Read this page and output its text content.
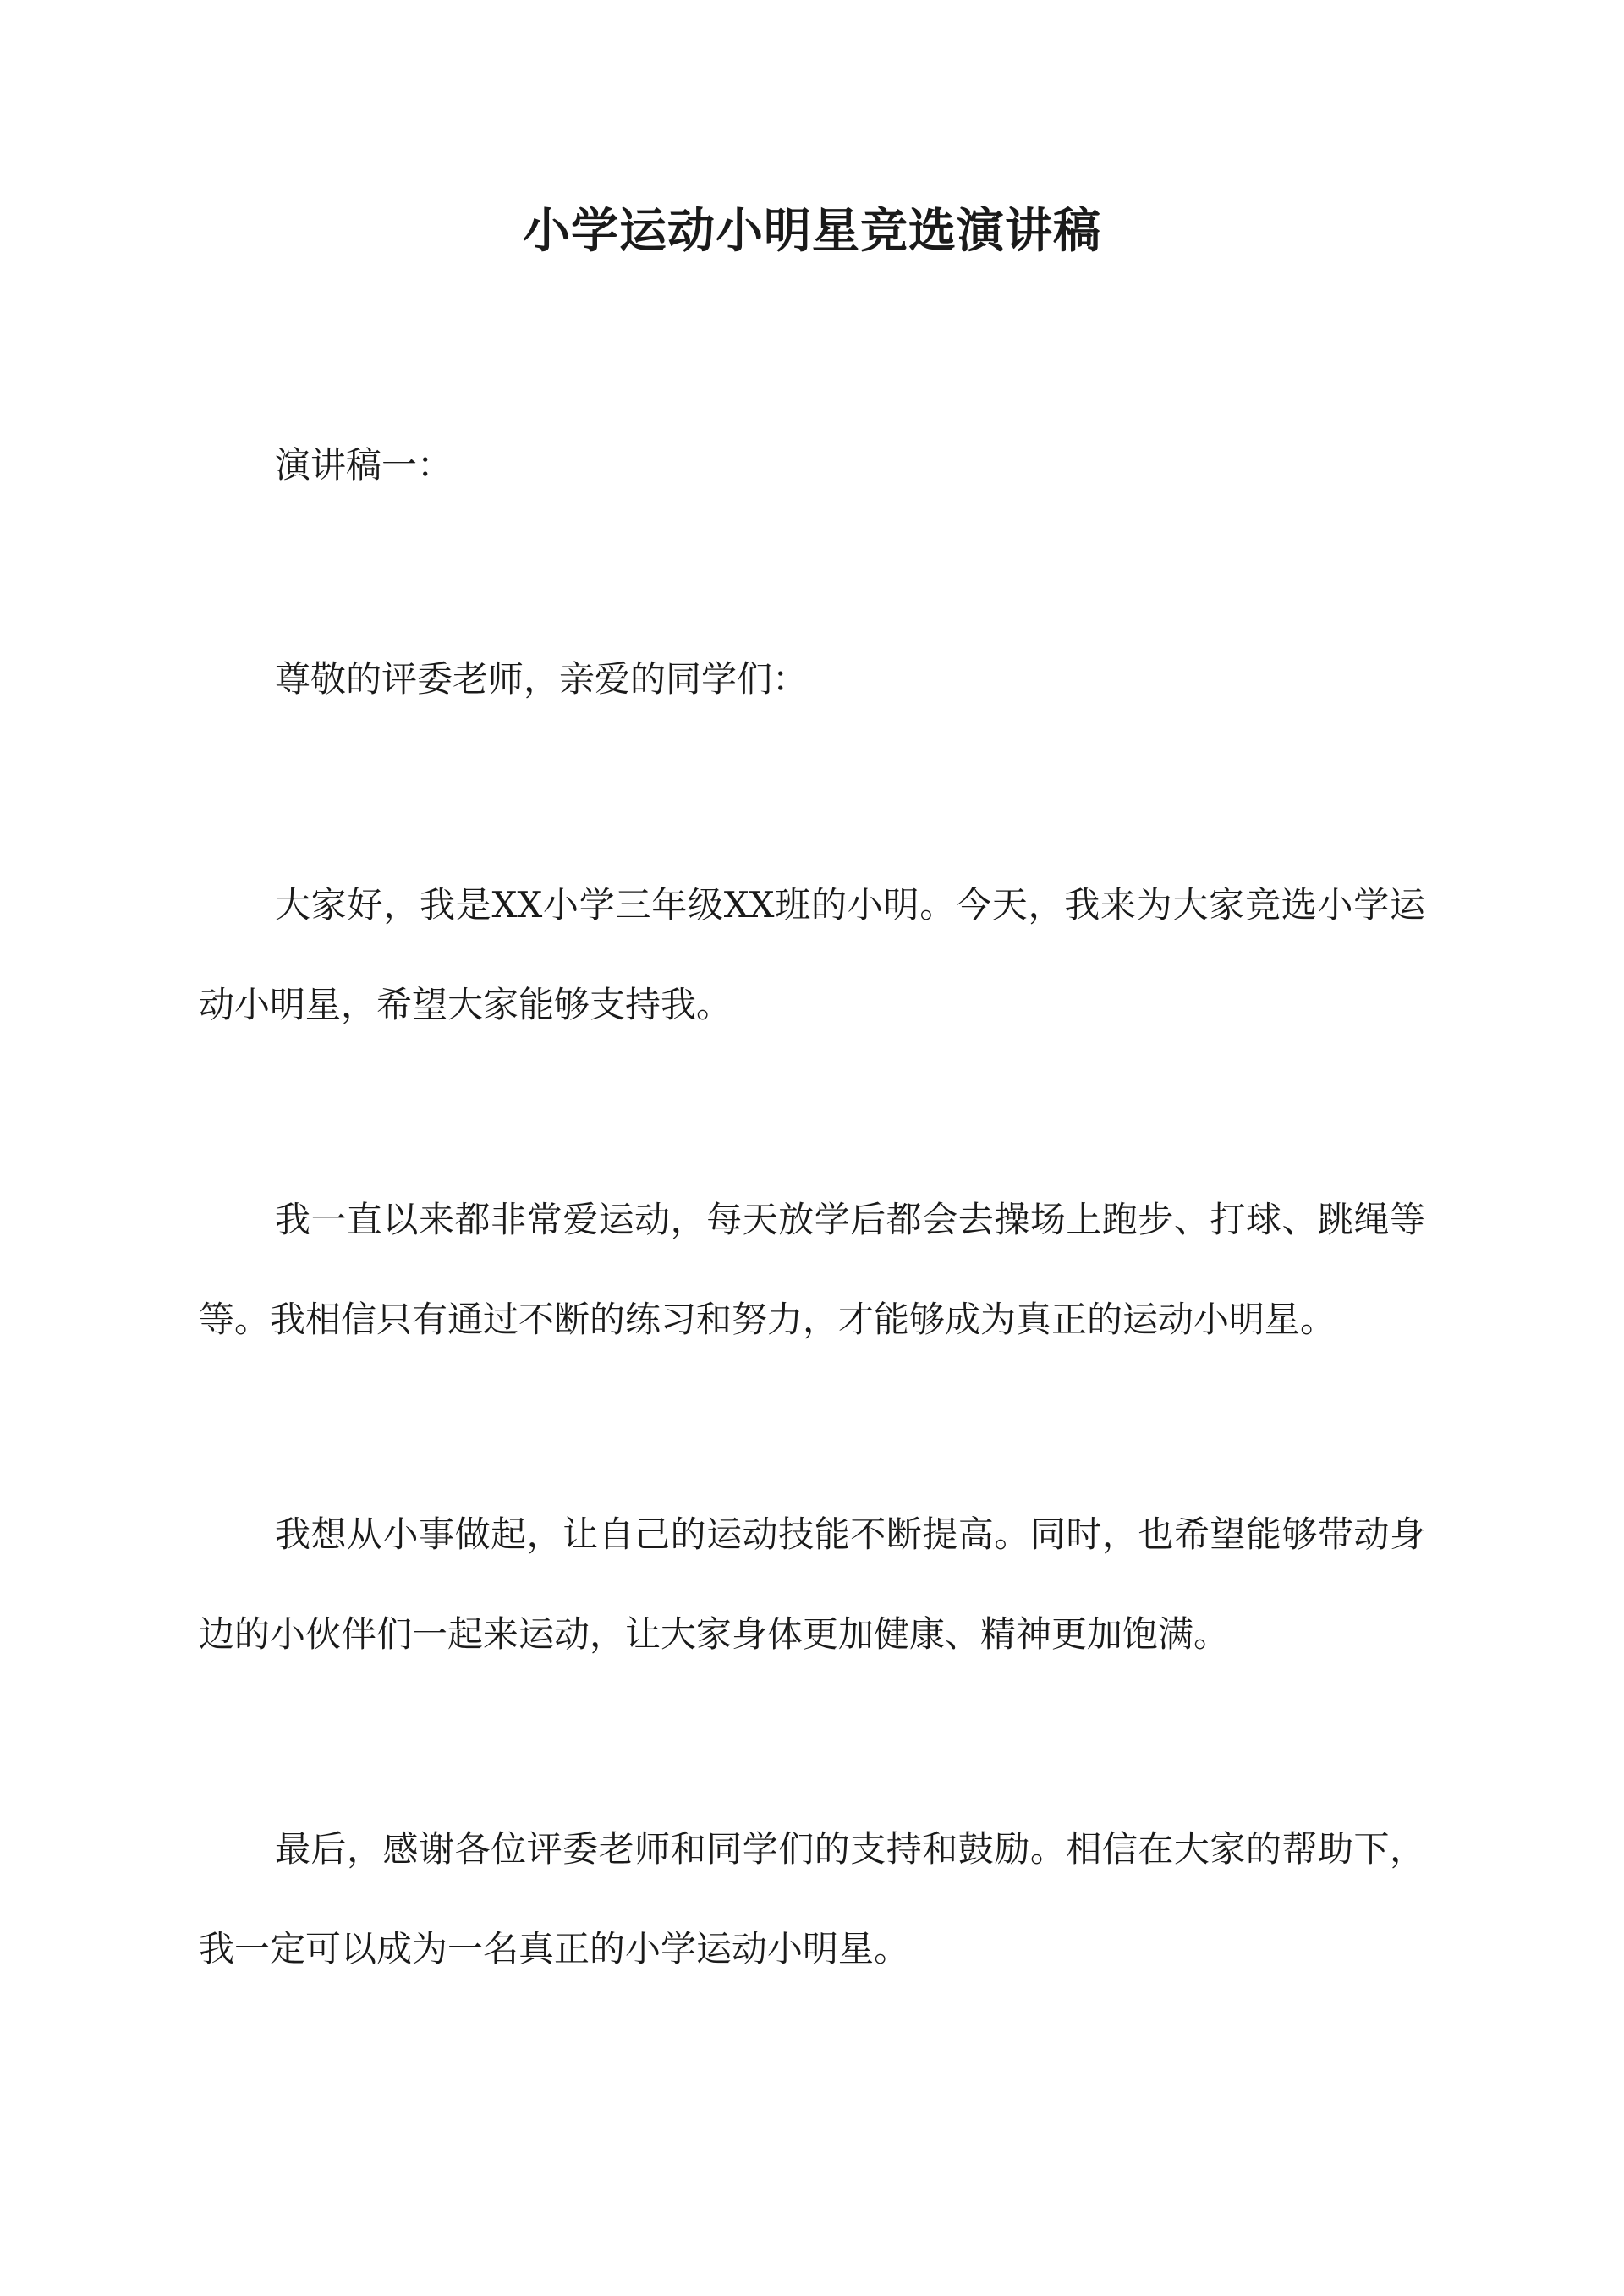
小学运动小明星竞选演讲稿

演讲稿一：

尊敬的评委老师，亲爱的同学们：

大家好，我是XX小学三年级XX班的小明。今天，我来为大家竞选小学运动小明星，希望大家能够支持我。

我一直以来都非常爱运动，每天放学后都会去操场上跑步、打球、跳绳等等。我相信只有通过不断的练习和努力，才能够成为真正的运动小明星。

我想从小事做起，让自己的运动技能不断提高。同时，也希望能够带动身边的小伙伴们一起来运动，让大家身体更加健康、精神更加饱满。

最后，感谢各位评委老师和同学们的支持和鼓励。相信在大家的帮助下，我一定可以成为一名真正的小学运动小明星。
